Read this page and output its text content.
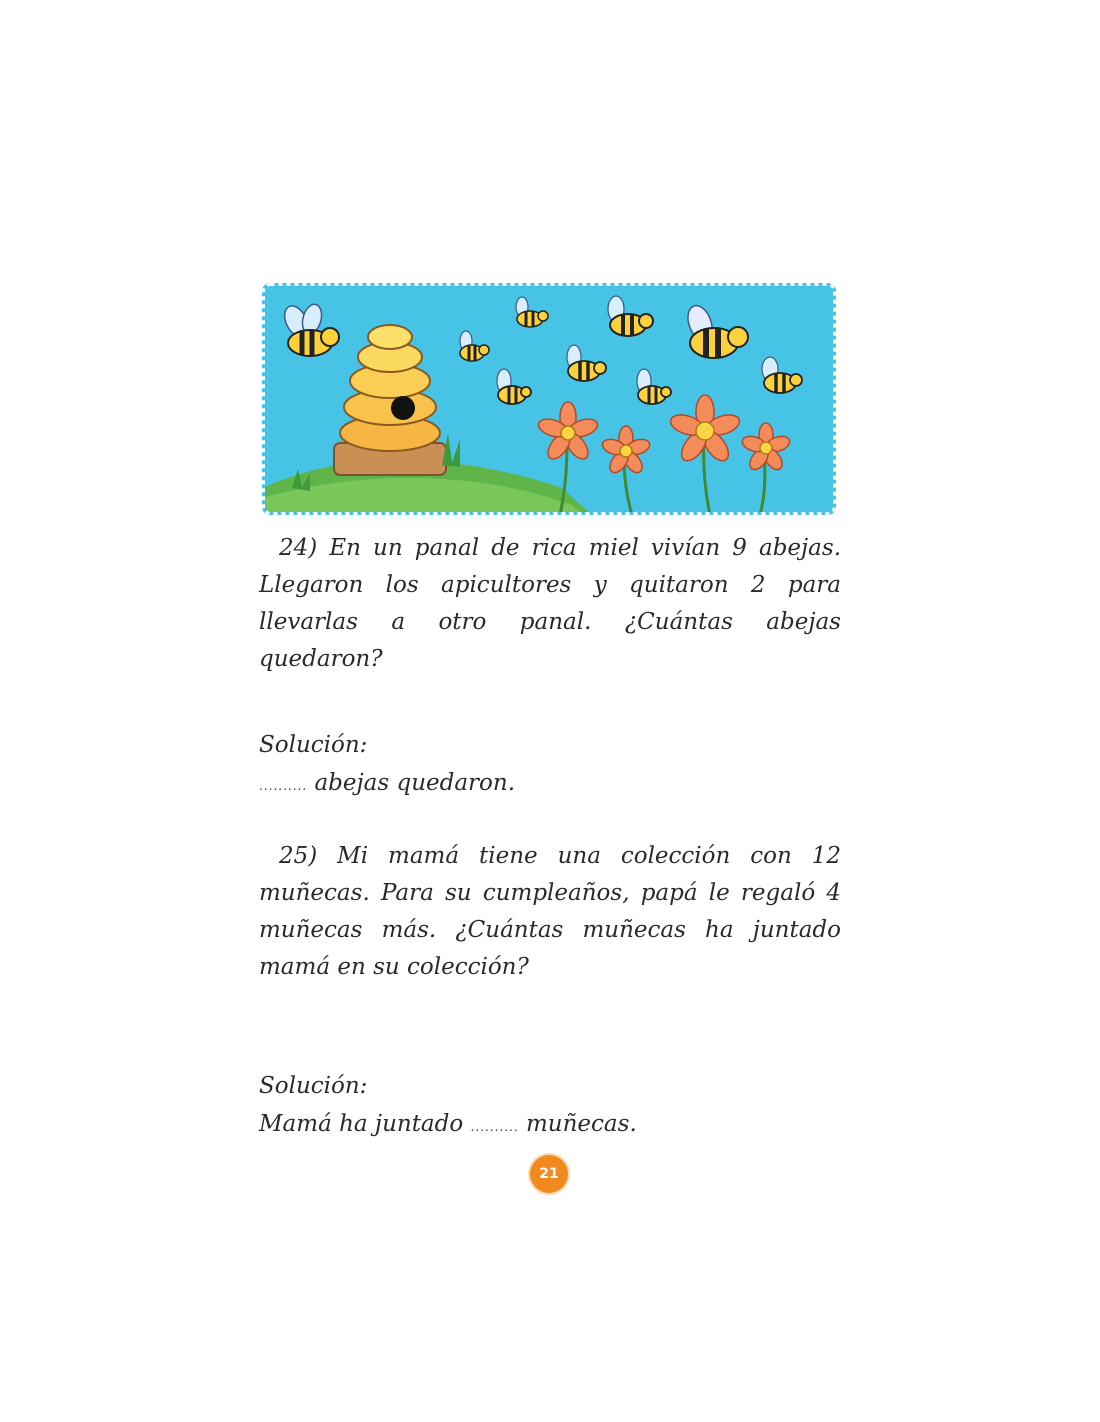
24) En un panal de rica miel vivían 9 abejas. Llegaron los apicultores y quitaron 2 para llevarlas a otro panal. ¿Cuántas abejas quedaron?

Solución:

.......... abejas quedaron.

25) Mi mamá tiene una colección con 12 muñecas. Para su cumpleaños, papá le regaló 4 muñecas más. ¿Cuántas muñecas ha juntado mamá en su colección?

Solución:

Mamá ha juntado .......... muñecas.

21
